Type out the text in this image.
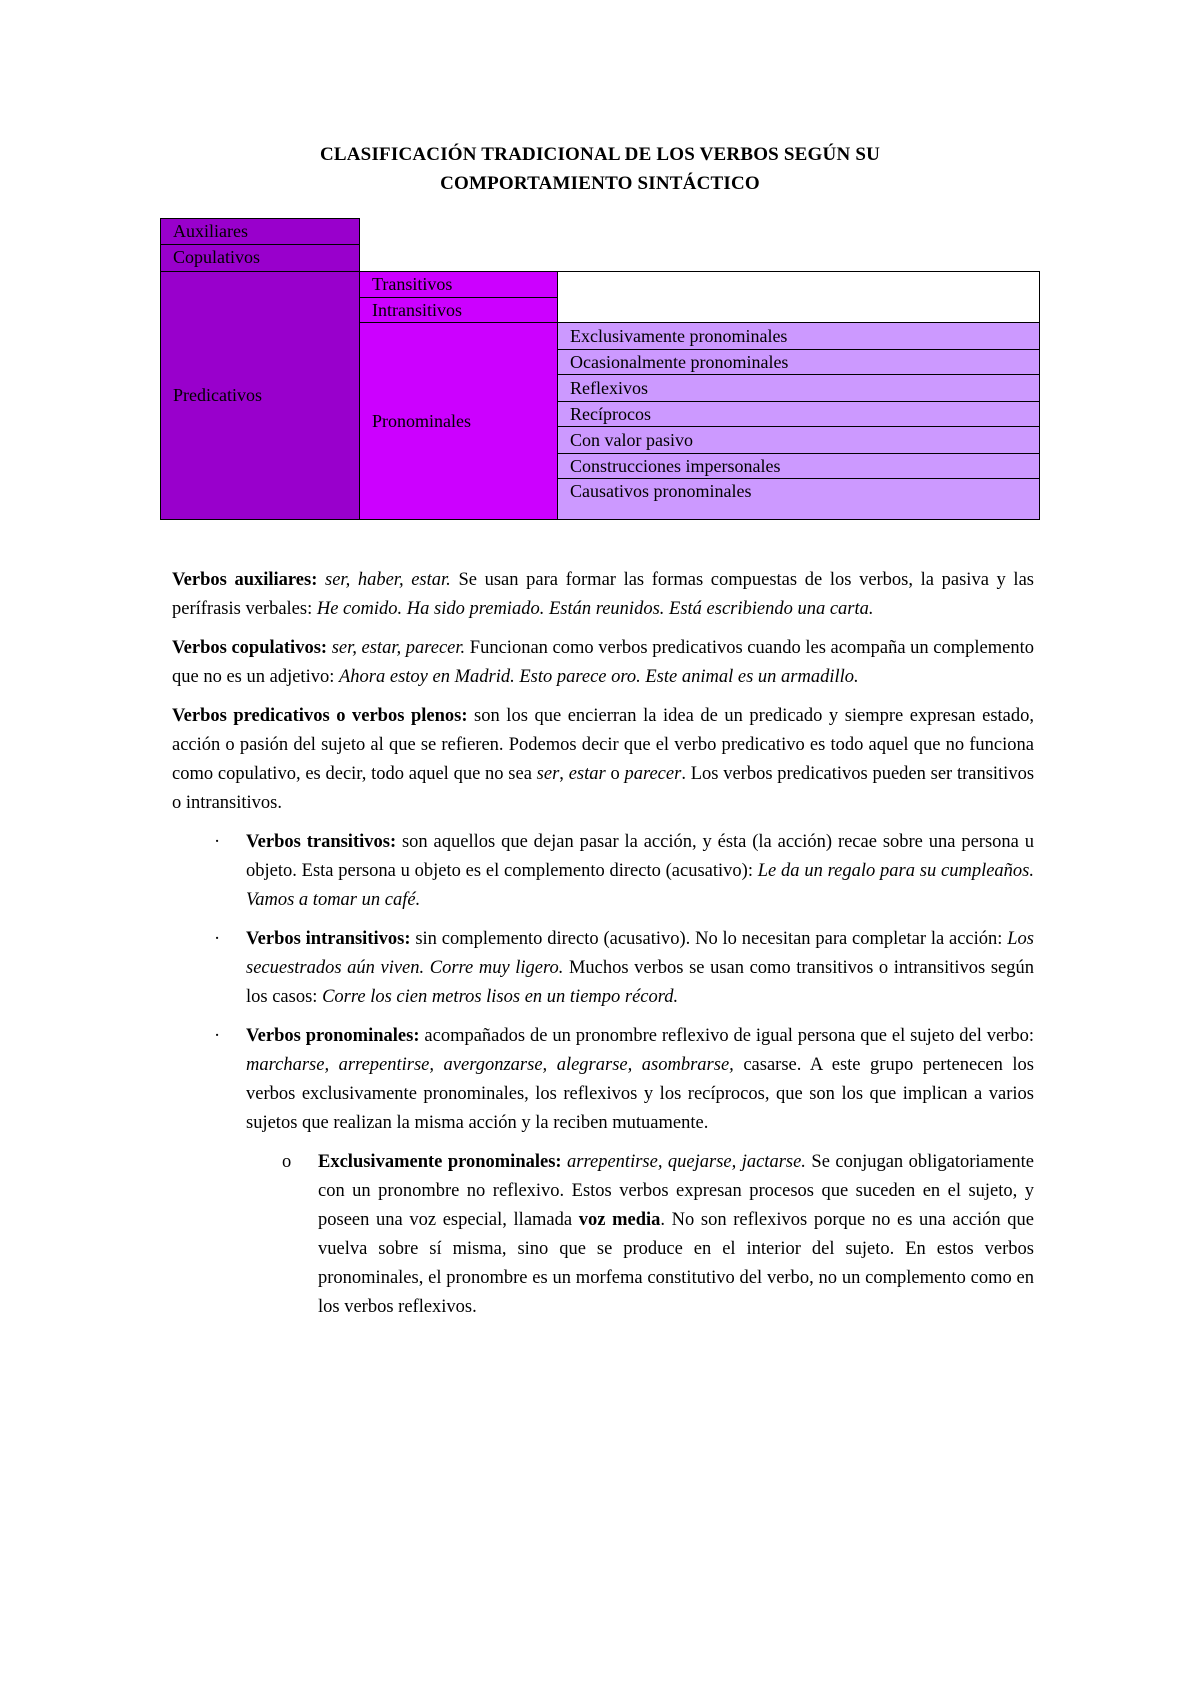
CLASIFICACIÓN TRADICIONAL DE LOS VERBOS SEGÚN SU
COMPORTAMIENTO SINTÁCTICO
Auxiliares
Copulativos
Predicativos
Transitivos
Intransitivos
Pronominales
Exclusivamente pronominales
Ocasionalmente pronominales
Reflexivos
Recíprocos
Con valor pasivo
Construcciones impersonales
Causativos pronominales

Verbos auxiliares: ser, haber, estar. Se usan para formar las formas compuestas de los verbos, la pasiva y las perífrasis verbales: He comido. Ha sido premiado. Están reunidos. Está escribiendo una carta.

Verbos copulativos: ser, estar, parecer. Funcionan como verbos predicativos cuando les acompaña un complemento que no es un adjetivo: Ahora estoy en Madrid. Esto parece oro. Este animal es un armadillo.

Verbos predicativos o verbos plenos: son los que encierran la idea de un predicado y siempre expresan estado, acción o pasión del sujeto al que se refieren. Podemos decir que el verbo predicativo es todo aquel que no funciona como copulativo, es decir, todo aquel que no sea ser, estar o parecer. Los verbos predicativos pueden ser transitivos o intransitivos.

· Verbos transitivos: son aquellos que dejan pasar la acción, y ésta (la acción) recae sobre una persona u objeto. Esta persona u objeto es el complemento directo (acusativo): Le da un regalo para su cumpleaños. Vamos a tomar un café.
· Verbos intransitivos: sin complemento directo (acusativo). No lo necesitan para completar la acción: Los secuestrados aún viven. Corre muy ligero. Muchos verbos se usan como transitivos o intransitivos según los casos: Corre los cien metros lisos en un tiempo récord.
· Verbos pronominales: acompañados de un pronombre reflexivo de igual persona que el sujeto del verbo: marcharse, arrepentirse, avergonzarse, alegrarse, asombrarse, casarse. A este grupo pertenecen los verbos exclusivamente pronominales, los reflexivos y los recíprocos, que son los que implican a varios sujetos que realizan la misma acción y la reciben mutuamente.
o Exclusivamente pronominales: arrepentirse, quejarse, jactarse. Se conjugan obligatoriamente con un pronombre no reflexivo. Estos verbos expresan procesos que suceden en el sujeto, y poseen una voz especial, llamada voz media. No son reflexivos porque no es una acción que vuelva sobre sí misma, sino que se produce en el interior del sujeto. En estos verbos pronominales, el pronombre es un morfema constitutivo del verbo, no un complemento como en los verbos reflexivos.
